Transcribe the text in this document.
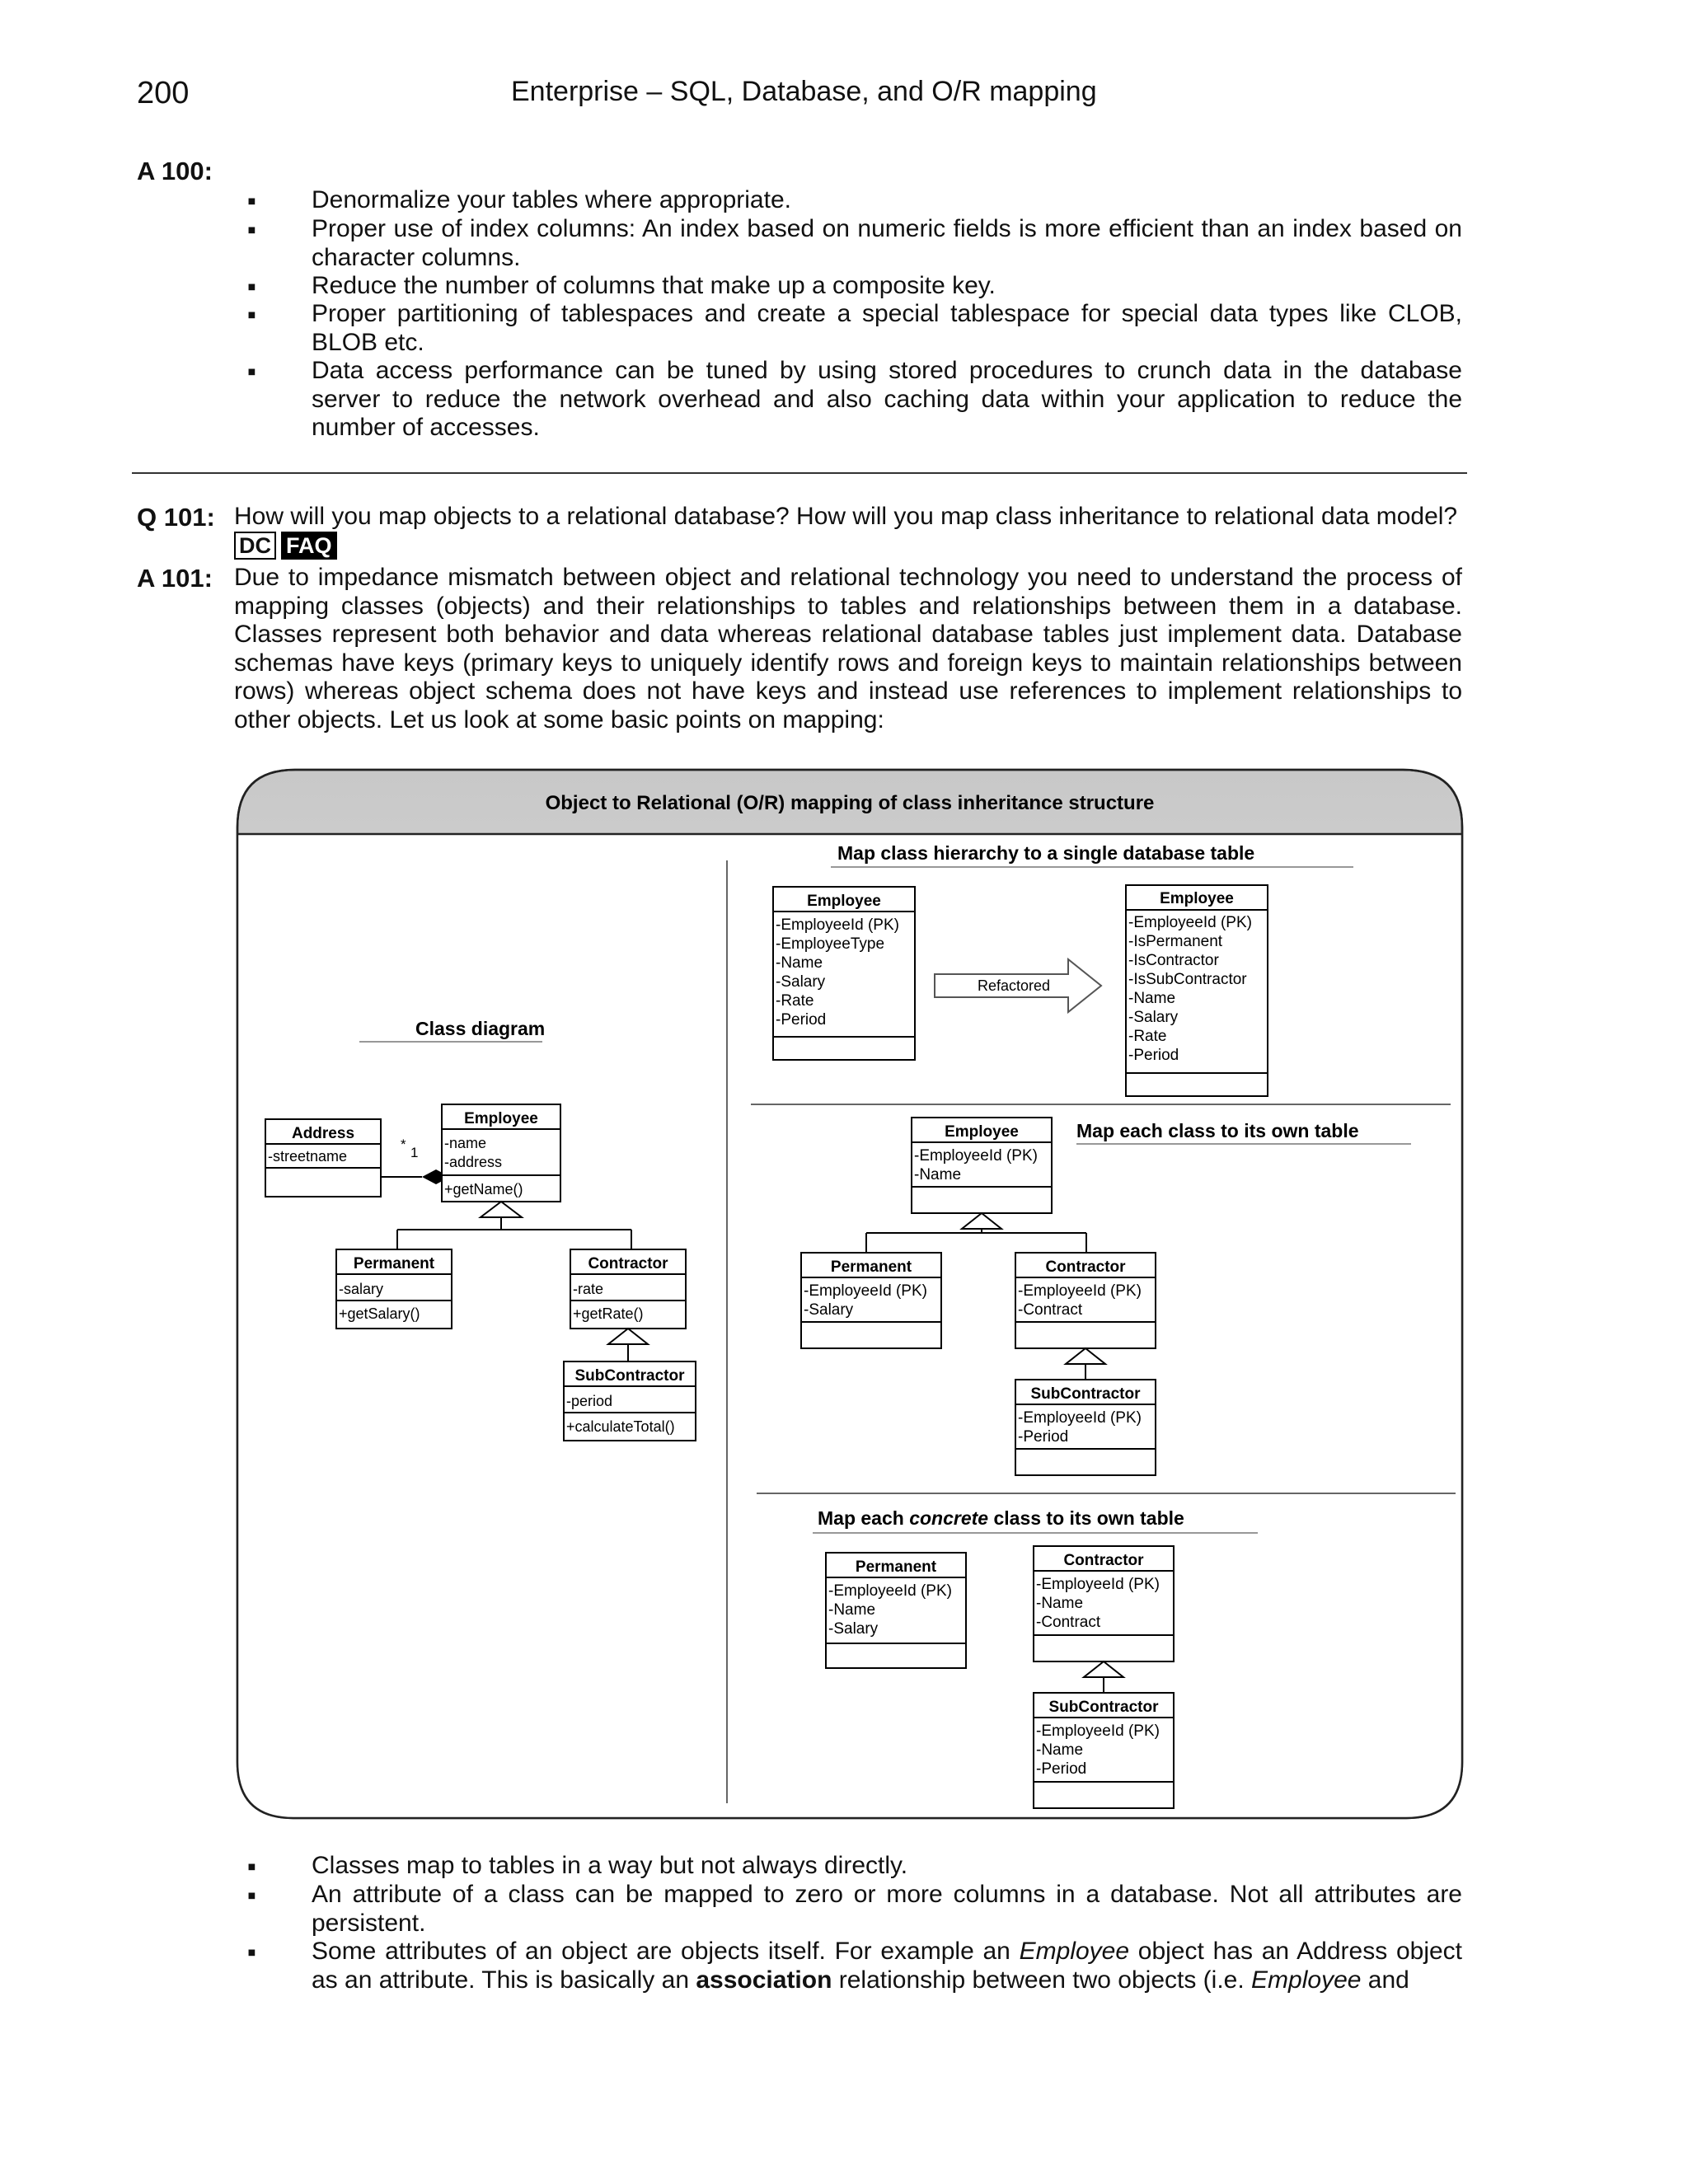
200	Enterprise – SQL, Database, and O/R mapping
A 100:
▪ Denormalize your tables where appropriate.
▪ Proper use of index columns: An index based on numeric fields is more efficient than an index based on character columns.
▪ Reduce the number of columns that make up a composite key.
▪ Proper partitioning of tablespaces and create a special tablespace for special data types like CLOB, BLOB etc.
▪ Data access performance can be tuned by using stored procedures to crunch data in the database server to reduce the network overhead and also caching data within your application to reduce the number of accesses.
Q 101: How will you map objects to a relational database? How will you map class inheritance to relational data model?
DC FAQ
A 101: Due to impedance mismatch between object and relational technology you need to understand the process of mapping classes (objects) and their relationships to tables and relationships between them in a database. Classes represent both behavior and data whereas relational database tables just implement data. Database schemas have keys (primary keys to uniquely identify rows and foreign keys to maintain relationships between rows) whereas object schema does not have keys and instead use references to implement relationships to other objects. Let us look at some basic points on mapping:
Object to Relational (O/R) mapping of class inheritance structure
Class diagram
Address
-streetname
*
1
Employee
-name
-address
+getName()
Permanent
-salary
+getSalary()
Contractor
-rate
+getRate()
SubContractor
-period
+calculateTotal()
Map class hierarchy to a single database table
Employee
-EmployeeId (PK)
-EmployeeType
-Name
-Salary
-Rate
-Period
Refactored
Employee
-EmployeeId (PK)
-IsPermanent
-IsContractor
-IsSubContractor
-Name
-Salary
-Rate
-Period
Map each class to its own table
Employee
-EmployeeId (PK)
-Name
Permanent
-EmployeeId (PK)
-Salary
Contractor
-EmployeeId (PK)
-Contract
SubContractor
-EmployeeId (PK)
-Period
Map each concrete class to its own table
Permanent
-EmployeeId (PK)
-Name
-Salary
Contractor
-EmployeeId (PK)
-Name
-Contract
SubContractor
-EmployeeId (PK)
-Name
-Period
▪ Classes map to tables in a way but not always directly.
▪ An attribute of a class can be mapped to zero or more columns in a database. Not all attributes are persistent.
▪ Some attributes of an object are objects itself. For example an Employee object has an Address object as an attribute. This is basically an association relationship between two objects (i.e. Employee and
